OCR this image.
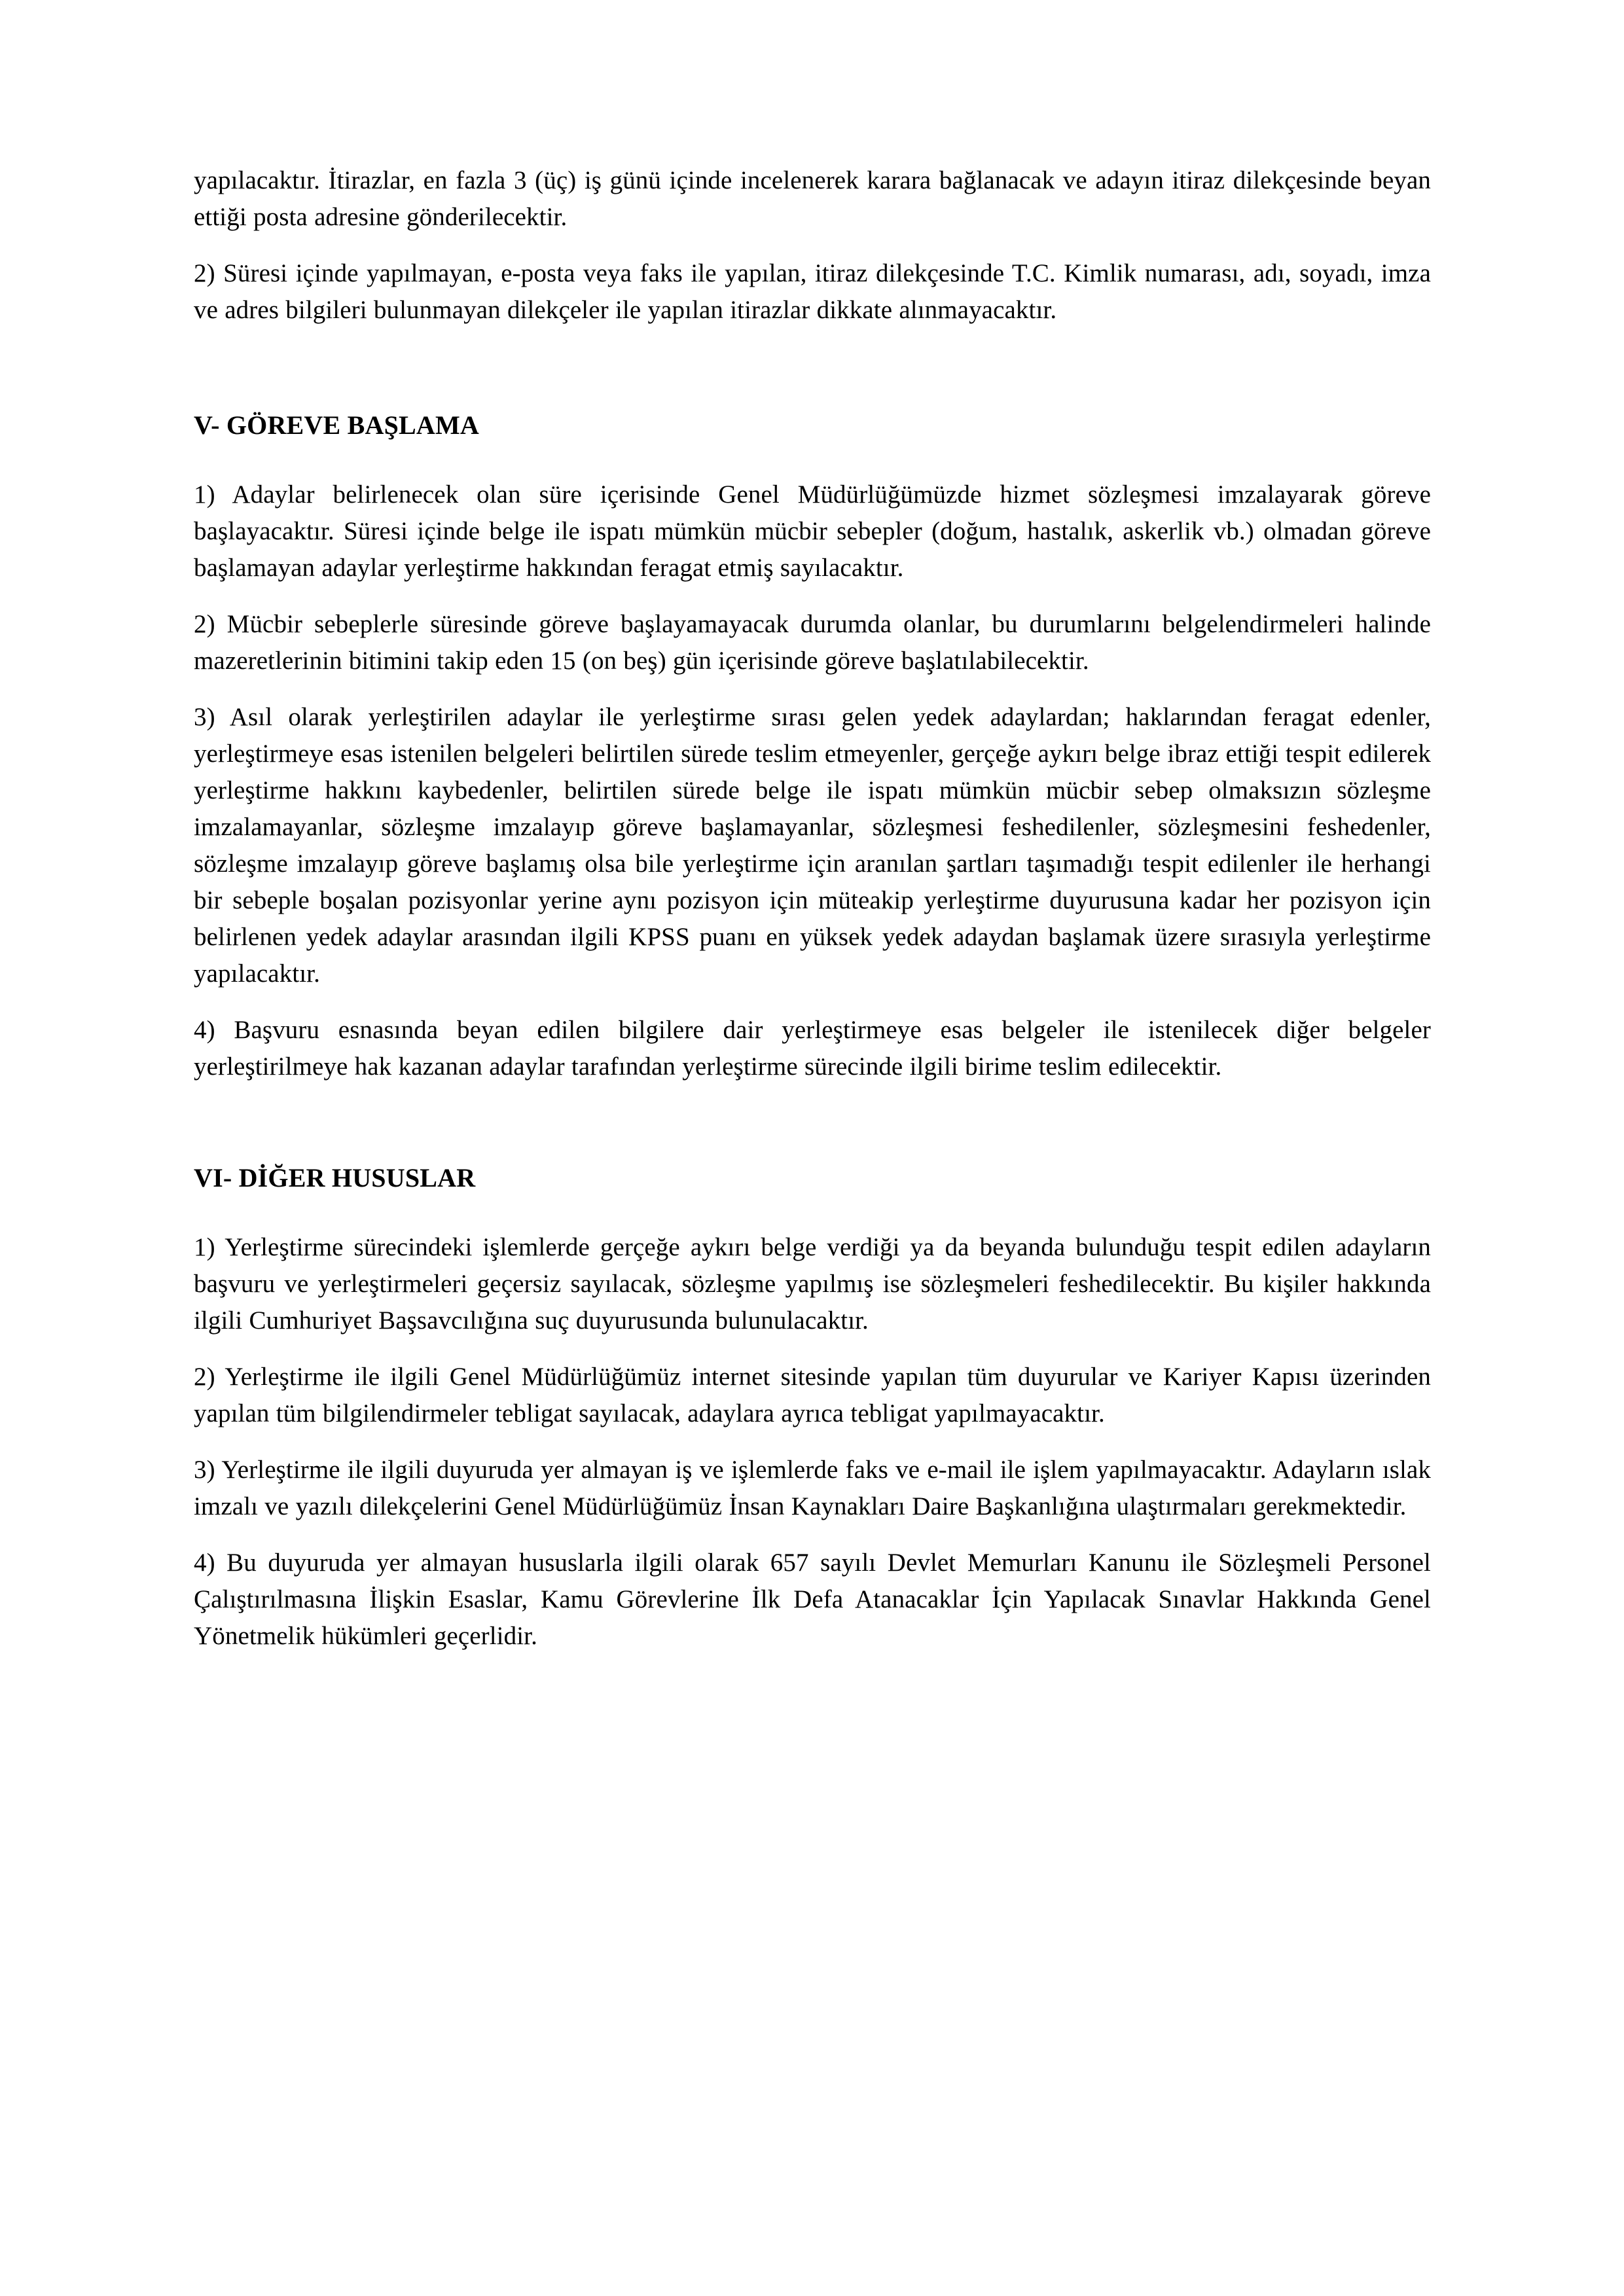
yapılacaktır. İtirazlar, en fazla 3 (üç) iş günü içinde incelenerek karara bağlanacak ve adayın itiraz dilekçesinde beyan ettiği posta adresine gönderilecektir.

2) Süresi içinde yapılmayan, e-posta veya faks ile yapılan, itiraz dilekçesinde T.C. Kimlik numarası, adı, soyadı, imza ve adres bilgileri bulunmayan dilekçeler ile yapılan itirazlar dikkate alınmayacaktır.

V- GÖREVE BAŞLAMA

1) Adaylar belirlenecek olan süre içerisinde Genel Müdürlüğümüzde hizmet sözleşmesi imzalayarak göreve başlayacaktır. Süresi içinde belge ile ispatı mümkün mücbir sebepler (doğum, hastalık, askerlik vb.) olmadan göreve başlamayan adaylar yerleştirme hakkından feragat etmiş sayılacaktır.

2) Mücbir sebeplerle süresinde göreve başlayamayacak durumda olanlar, bu durumlarını belgelendirmeleri halinde mazeretlerinin bitimini takip eden 15 (on beş) gün içerisinde göreve başlatılabilecektir.

3) Asıl olarak yerleştirilen adaylar ile yerleştirme sırası gelen yedek adaylardan; haklarından feragat edenler, yerleştirmeye esas istenilen belgeleri belirtilen sürede teslim etmeyenler, gerçeğe aykırı belge ibraz ettiği tespit edilerek yerleştirme hakkını kaybedenler, belirtilen sürede belge ile ispatı mümkün mücbir sebep olmaksızın sözleşme imzalamayanlar, sözleşme imzalayıp göreve başlamayanlar, sözleşmesi feshedilenler, sözleşmesini feshedenler, sözleşme imzalayıp göreve başlamış olsa bile yerleştirme için aranılan şartları taşımadığı tespit edilenler ile herhangi bir sebeple boşalan pozisyonlar yerine aynı pozisyon için müteakip yerleştirme duyurusuna kadar her pozisyon için belirlenen yedek adaylar arasından ilgili KPSS puanı en yüksek yedek adaydan başlamak üzere sırasıyla yerleştirme yapılacaktır.

4) Başvuru esnasında beyan edilen bilgilere dair yerleştirmeye esas belgeler ile istenilecek diğer belgeler yerleştirilmeye hak kazanan adaylar tarafından yerleştirme sürecinde ilgili birime teslim edilecektir.

VI- DİĞER HUSUSLAR

1) Yerleştirme sürecindeki işlemlerde gerçeğe aykırı belge verdiği ya da beyanda bulunduğu tespit edilen adayların başvuru ve yerleştirmeleri geçersiz sayılacak, sözleşme yapılmış ise sözleşmeleri feshedilecektir. Bu kişiler hakkında ilgili Cumhuriyet Başsavcılığına suç duyurusunda bulunulacaktır.

2) Yerleştirme ile ilgili Genel Müdürlüğümüz internet sitesinde yapılan tüm duyurular ve Kariyer Kapısı üzerinden yapılan tüm bilgilendirmeler tebligat sayılacak, adaylara ayrıca tebligat yapılmayacaktır.

3) Yerleştirme ile ilgili duyuruda yer almayan iş ve işlemlerde faks ve e-mail ile işlem yapılmayacaktır. Adayların ıslak imzalı ve yazılı dilekçelerini Genel Müdürlüğümüz İnsan Kaynakları Daire Başkanlığına ulaştırmaları gerekmektedir.

4) Bu duyuruda yer almayan hususlarla ilgili olarak 657 sayılı Devlet Memurları Kanunu ile Sözleşmeli Personel Çalıştırılmasına İlişkin Esaslar, Kamu Görevlerine İlk Defa Atanacaklar İçin Yapılacak Sınavlar Hakkında Genel Yönetmelik hükümleri geçerlidir.
